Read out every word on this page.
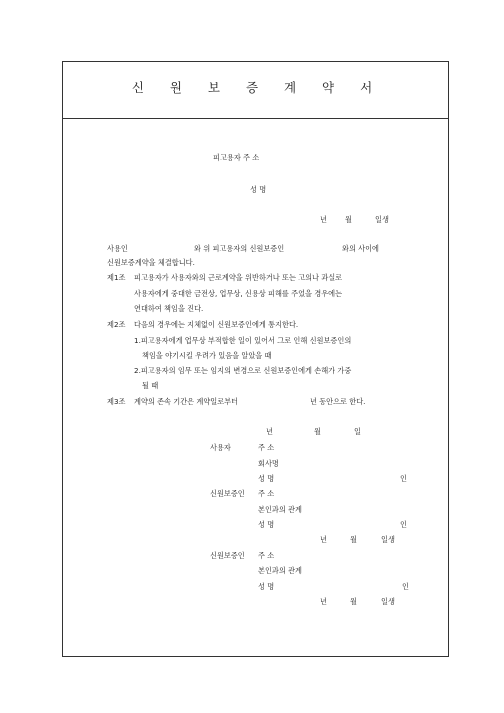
신 원 보 증 계 약 서
피고용자 주 소
성 명
년	월	일생
사용인	와 위 피고용자의 신원보증인	와의 사이에
신원보증계약을 체결합니다.
제1조 피고용자가 사용자와의 근로계약을 위반하거나 또는 고의나 과실로
사용자에게 중대한 금전상, 업무상, 신용상 피해를 주었을 경우에는
연대하여 책임을 진다.
제2조 다음의 경우에는 지체없이 신원보증인에게 통지한다.
1.피고용자에게 업무상 부적합한 일이 있어서 그로 인해 신원보증인의
책임을 야기시킬 우려가 있음을 알았을 때
2.피고용자의 임무 또는 임지의 변경으로 신원보증인에게 손해가 가중
될 때
제3조 계약의 존속 기간은 계약일로부터	년 동안으로 한다.
년	월	일
사용자	주 소
회사명
성 명	인
신원보증인 주 소
본인과의 관계
성 명	인
년	월	일생
신원보증인 주 소
본인과의 관계
성 명	인
년	월	일생
